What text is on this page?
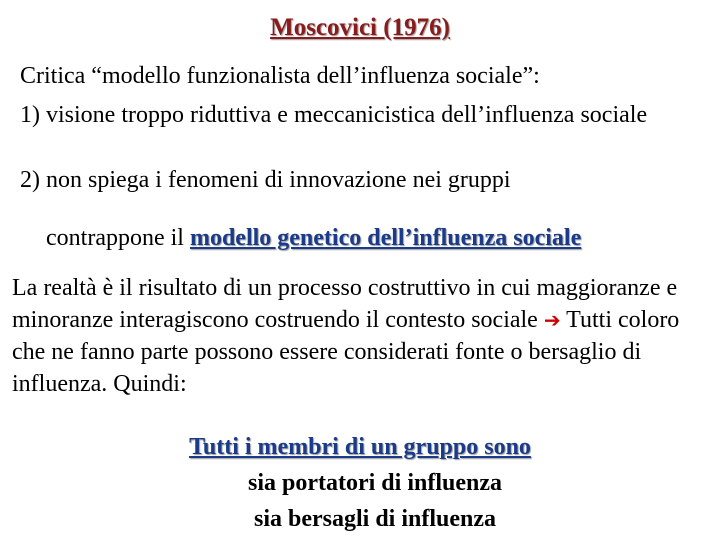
Moscovici (1976)
Critica “modello funzionalista dell’influenza sociale”:
1) visione troppo riduttiva e meccanicistica dell’influenza sociale
2) non spiega i fenomeni di innovazione nei gruppi
contrappone il modello genetico dell’influenza sociale
La realtà è il risultato di un processo costruttivo in cui maggioranze e minoranze interagiscono costruendo il contesto sociale ➔ Tutti coloro che ne fanno parte possono essere considerati fonte o bersaglio di influenza. Quindi:
Tutti i membri di un gruppo sono
sia portatori di influenza
sia bersagli di influenza
